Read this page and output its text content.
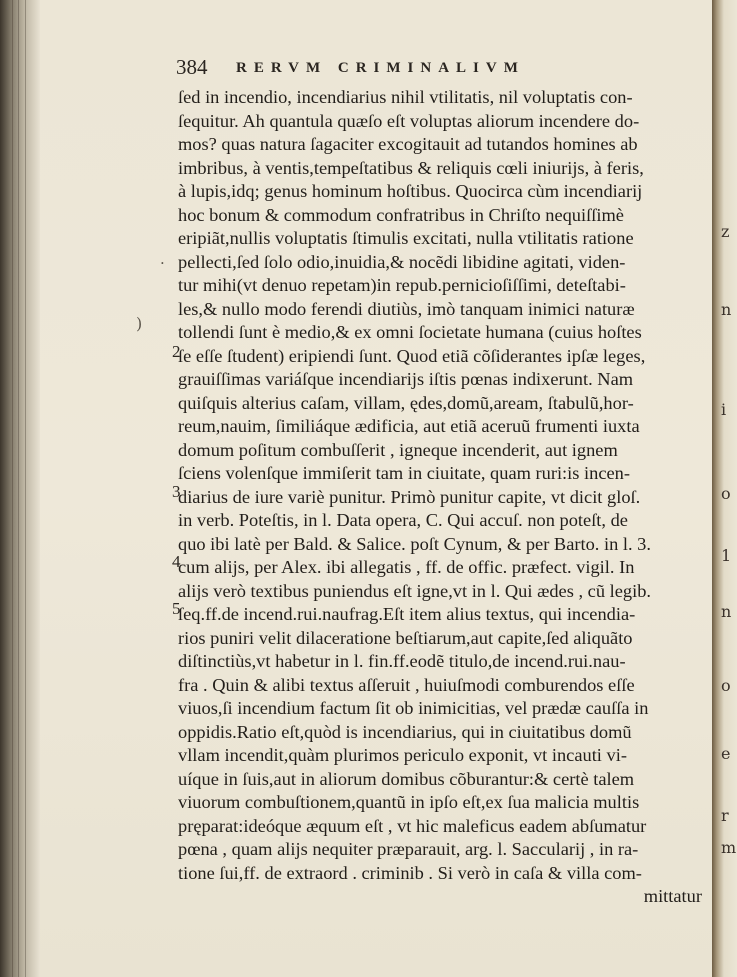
z
n
i
o
1
n
o
e
r
m
384	RERVM CRIMINALIVM
·
)
2
3
4
5
ſed in incendio, incendiarius nihil vtilitatis, nil voluptatis con-
ſequitur. Ah quantula quæſo eſt voluptas aliorum incendere do-
mos? quas natura ſagaciter excogitauit ad tutandos homines ab
imbribus, à ventis,tempeſtatibus & reliquis cœli iniurijs, à feris,
à lupis,idq; genus hominum hoſtibus. Quocirca cùm incendiarij
hoc bonum & commodum confratribus in Chriſto nequiſſimè
eripiãt,nullis voluptatis ſtimulis excitati, nulla vtilitatis ratione
pellecti,ſed ſolo odio,inuidia,& nocẽdi libidine agitati, viden-
tur mihi(vt denuo repetam)in repub.pernicioſiſſimi, deteſtabi-
les,& nullo modo ferendi diutiùs, imò tanquam inimici naturæ
tollendi ſunt è medio,& ex omni ſocietate humana (cuius hoſtes
ſe eſſe ſtudent) eripiendi ſunt. Quod etiã cõſiderantes ipſæ leges,
grauiſſimas variáſque incendiarijs iſtis pœnas indixerunt. Nam
quiſquis alterius caſam, villam, ędes,domũ,aream, ſtabulũ,hor-
reum,nauim, ſimiliáque ædificia, aut etiã aceruũ frumenti iuxta
domum poſitum combuſſerit , igneque incenderit, aut ignem
ſciens volenſque immiſerit tam in ciuitate, quam ruri:is incen-
diarius de iure variè punitur. Primò punitur capite, vt dicit gloſ.
in verb. Poteſtis, in l. Data opera, C. Qui accuſ. non poteſt, de
quo ibi latè per Bald. & Salice. poſt Cynum, & per Barto. in l. 3.
cum alijs, per Alex. ibi allegatis , ff. de offic. præfect. vigil. In
alijs verò textibus puniendus eſt igne,vt in l. Qui ædes , cũ legib.
ſeq.ff.de incend.rui.naufrag.Eſt item alius textus, qui incendia-
rios puniri velit dilaceratione beſtiarum,aut capite,ſed aliquãto
diſtinctiùs,vt habetur in l. fin.ff.eodẽ titulo,de incend.rui.nau-
fra . Quin & alibi textus aſſeruit , huiuſmodi comburendos eſſe
viuos,ſi incendium factum ſit ob inimicitias, vel prædæ cauſſa in
oppidis.Ratio eſt,quòd is incendiarius, qui in ciuitatibus domũ
vllam incendit,quàm plurimos periculo exponit, vt incauti vi-
uíque in ſuis,aut in aliorum domibus cõburantur:& certè talem
viuorum combuſtionem,quantũ in ipſo eſt,ex ſua malicia multis
pręparat:ideóque æquum eſt , vt hic maleficus eadem abſumatur
pœna , quam alijs nequiter præparauit, arg. l. Saccularij , in ra-
tione ſui,ff. de extraord . criminib . Si verò in caſa & villa com-
mittatur
